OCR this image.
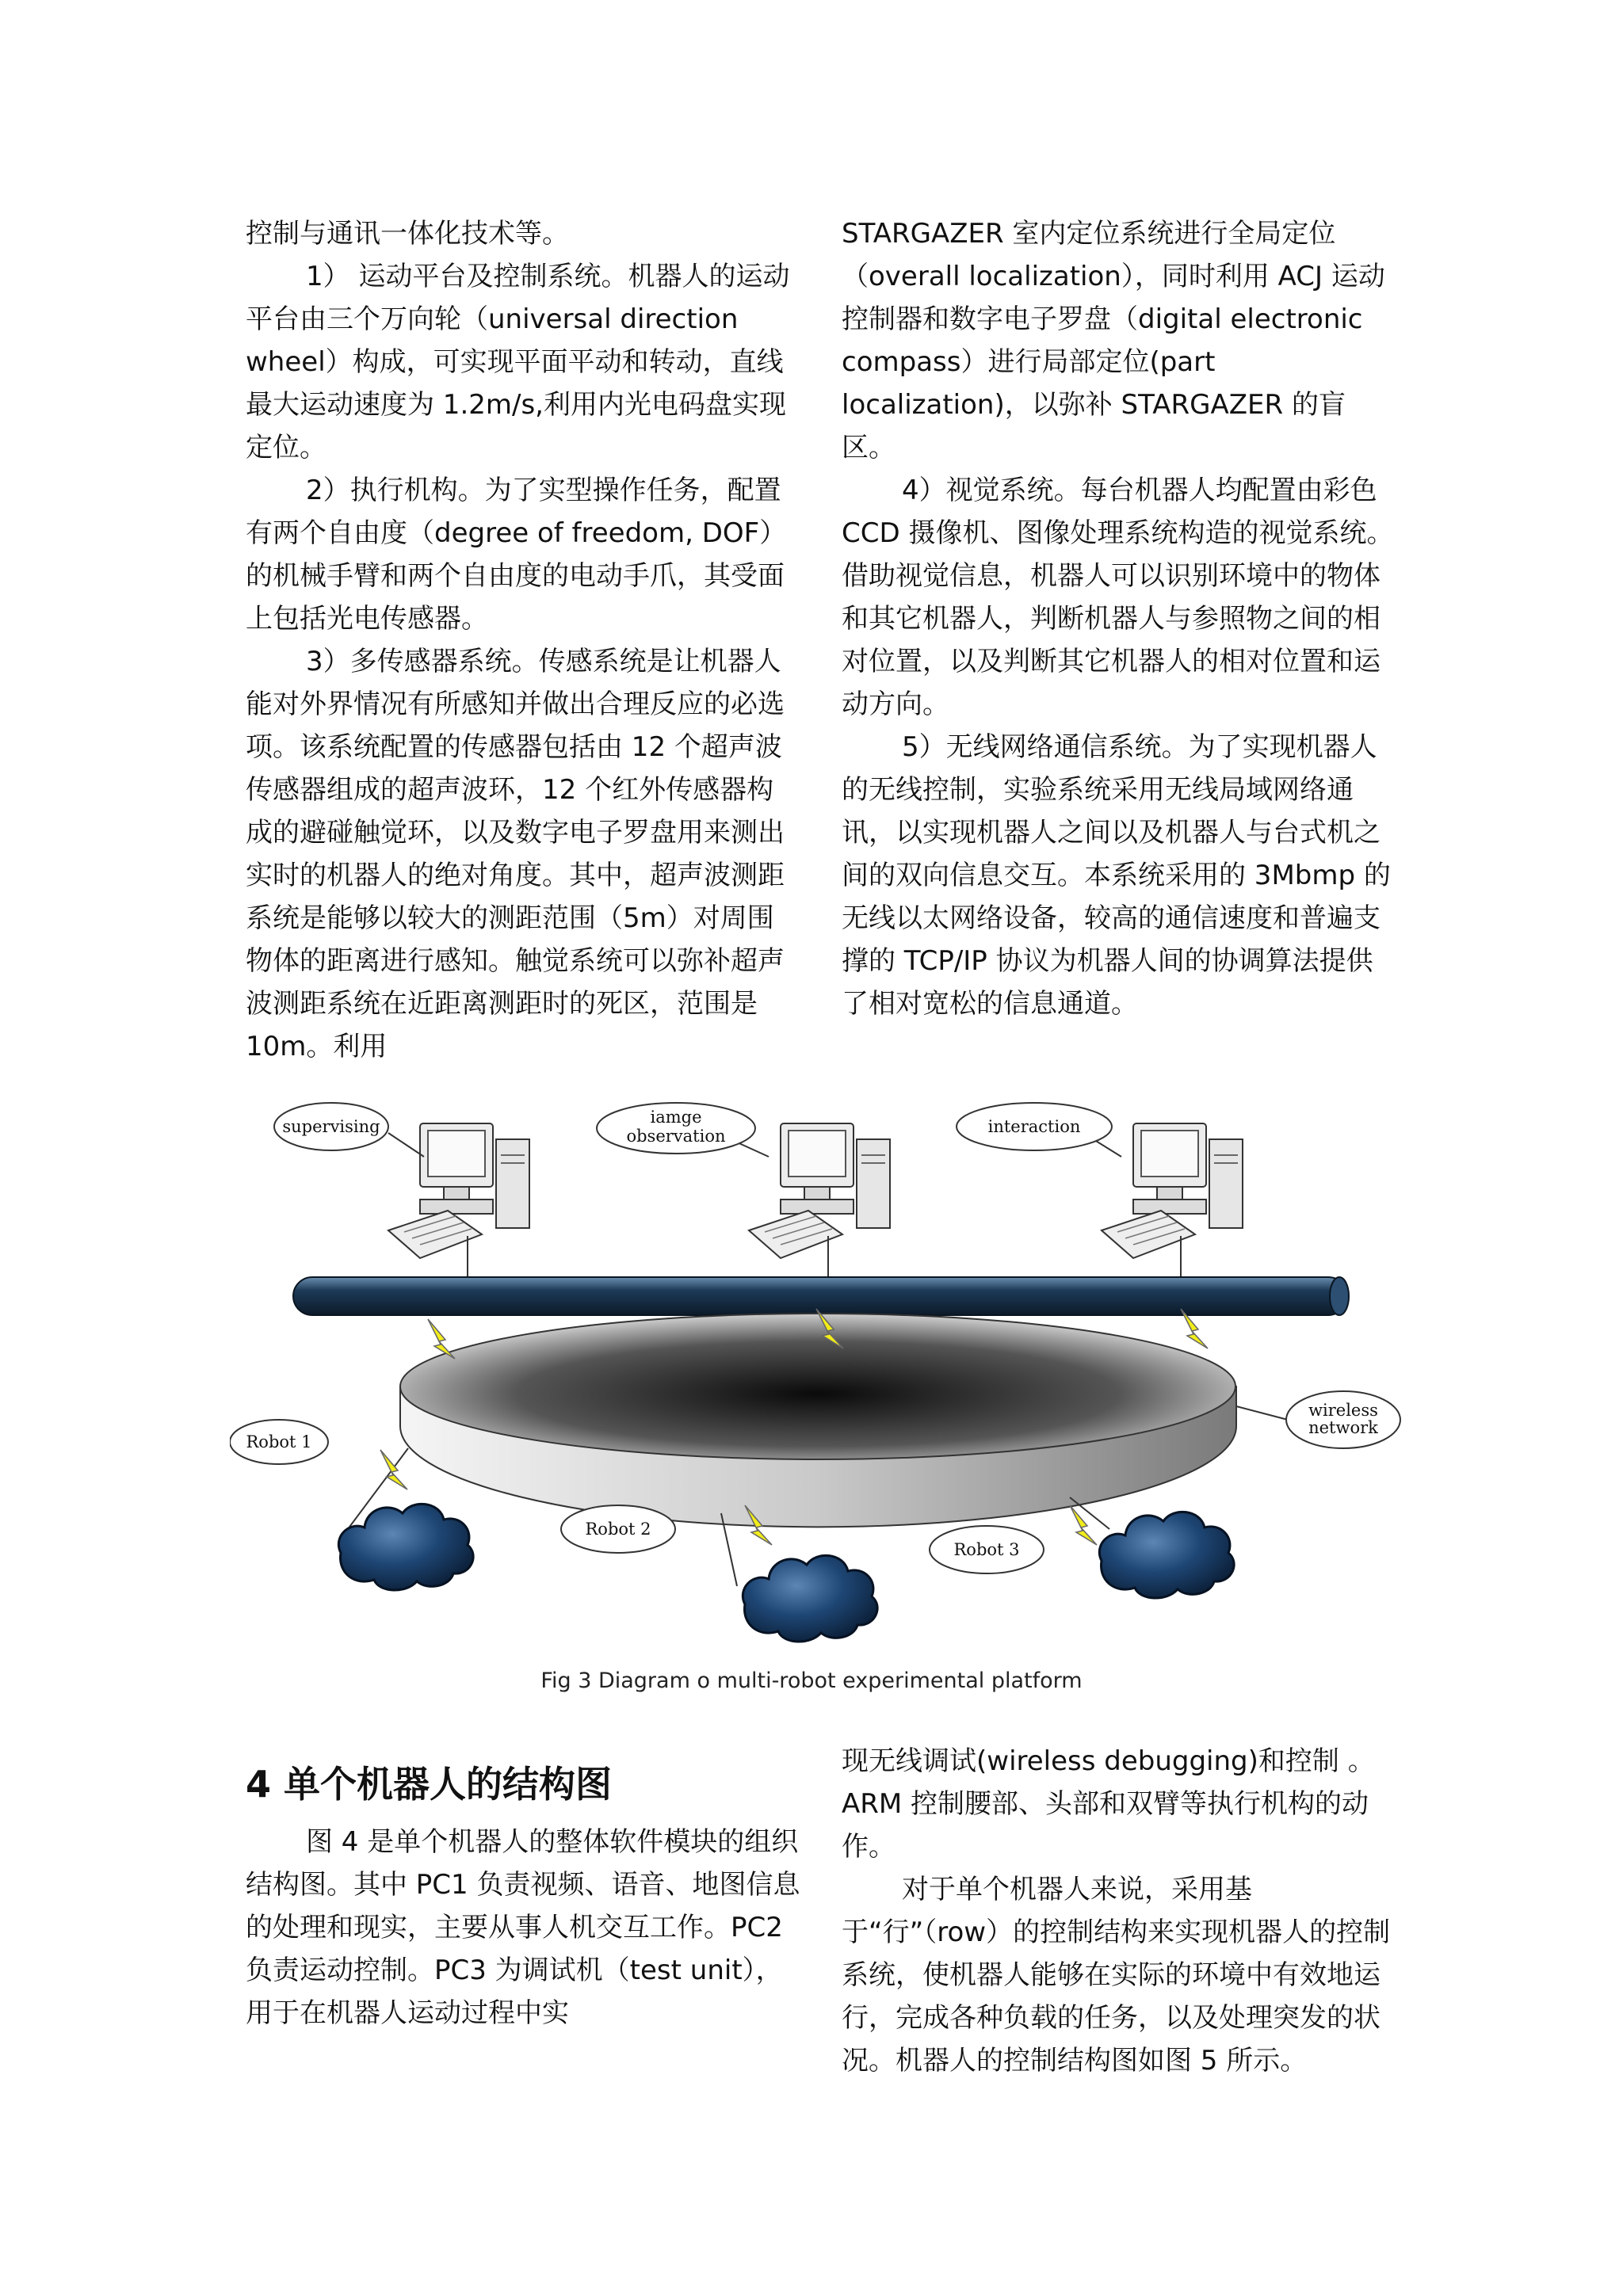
控制与通讯一体化技术等。

1） 运动平台及控制系统。机器人的运动平台由三个万向轮（universal direction wheel）构成，可实现平面平动和转动，直线最大运动速度为 1.2m/s,利用内光电码盘实现定位。

2）执行机构。为了实型操作任务，配置有两个自由度（degree of freedom, DOF）的机械手臂和两个自由度的电动手爪，其受面上包括光电传感器。

3）多传感器系统。传感系统是让机器人能对外界情况有所感知并做出合理反应的必选项。该系统配置的传感器包括由 12 个超声波传感器组成的超声波环，12 个红外传感器构成的避碰触觉环，以及数字电子罗盘用来测出实时的机器人的绝对角度。其中，超声波测距系统是能够以较大的测距范围（5m）对周围物体的距离进行感知。触觉系统可以弥补超声波测距系统在近距离测距时的死区，范围是 10m。利用

STARGAZER 室内定位系统进行全局定位（overall localization），同时利用 ACJ 运动控制器和数字电子罗盘（digital electronic compass）进行局部定位(part localization)，以弥补 STARGAZER 的盲区。

4）视觉系统。每台机器人均配置由彩色 CCD 摄像机、图像处理系统构造的视觉系统。借助视觉信息，机器人可以识别环境中的物体和其它机器人，判断机器人与参照物之间的相对位置，以及判断其它机器人的相对位置和运动方向。

5）无线网络通信系统。为了实现机器人的无线控制，实验系统采用无线局域网络通讯，以实现机器人之间以及机器人与台式机之间的双向信息交互。本系统采用的 3Mbmp 的无线以太网络设备，较高的通信速度和普遍支撑的 TCP/IP 协议为机器人间的协调算法提供了相对宽松的信息通道。

supervising	iamge
observation	interaction
wireless
network
Robot 1
Robot 2
Robot 3
Fig 3 Diagram o multi-robot experimental platform
4 单个机器人的结构图

图 4 是单个机器人的整体软件模块的组织结构图。其中 PC1 负责视频、语音、地图信息的处理和现实，主要从事人机交互工作。PC2 负责运动控制。PC3 为调试机（test unit），用于在机器人运动过程中实

现无线调试(wireless debugging)和控制 。ARM 控制腰部、头部和双臂等执行机构的动作。

对于单个机器人来说，采用基于“行”（row）的控制结构来实现机器人的控制系统，使机器人能够在实际的环境中有效地运行，完成各种负载的任务，以及处理突发的状况。机器人的控制结构图如图 5 所示。
